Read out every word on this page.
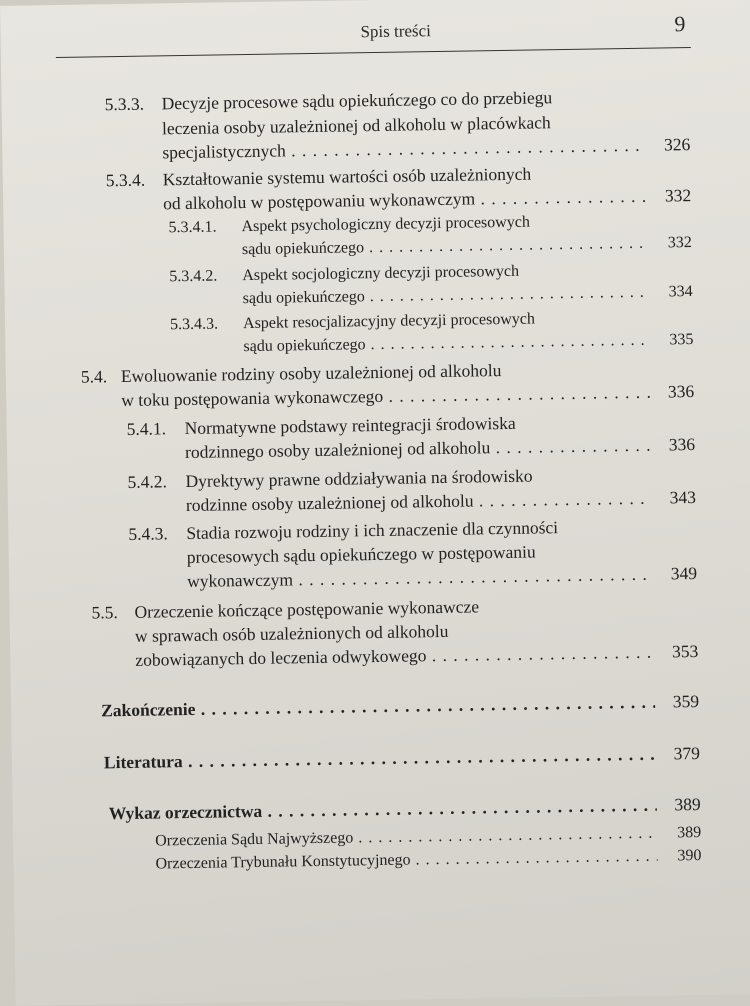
Spis treści	9
5.3.3. Decyzje procesowe sądu opiekuńczego co do przebiegu
leczenia osoby uzależnionej od alkoholu w placówkach
specjalistycznych . . .	326
5.3.4. Kształtowanie systemu wartości osób uzależnionych
od alkoholu w postępowaniu wykonawczym . . .	332
5.3.4.1. Aspekt psychologiczny decyzji procesowych
sądu opiekuńczego . . .	332
5.3.4.2. Aspekt socjologiczny decyzji procesowych
sądu opiekuńczego . . .	334
5.3.4.3. Aspekt resocjalizacyjny decyzji procesowych
sądu opiekuńczego . . .	335
5.4. Ewoluowanie rodziny osoby uzależnionej od alkoholu
w toku postępowania wykonawczego . . .	336
5.4.1. Normatywne podstawy reintegracji środowiska
rodzinnego osoby uzależnionej od alkoholu . . .	336
5.4.2. Dyrektywy prawne oddziaływania na środowisko
rodzinne osoby uzależnionej od alkoholu . . .	343
5.4.3. Stadia rozwoju rodziny i ich znaczenie dla czynności
procesowych sądu opiekuńczego w postępowaniu
wykonawczym . . .	349
5.5. Orzeczenie kończące postępowanie wykonawcze
w sprawach osób uzależnionych od alkoholu
zobowiązanych do leczenia odwykowego . . .	353
Zakończenie . . .	359
Literatura . . .	379
Wykaz orzecznictwa . . .	389
Orzeczenia Sądu Najwyższego . . .	389
Orzeczenia Trybunału Konstytucyjnego . . .	390
